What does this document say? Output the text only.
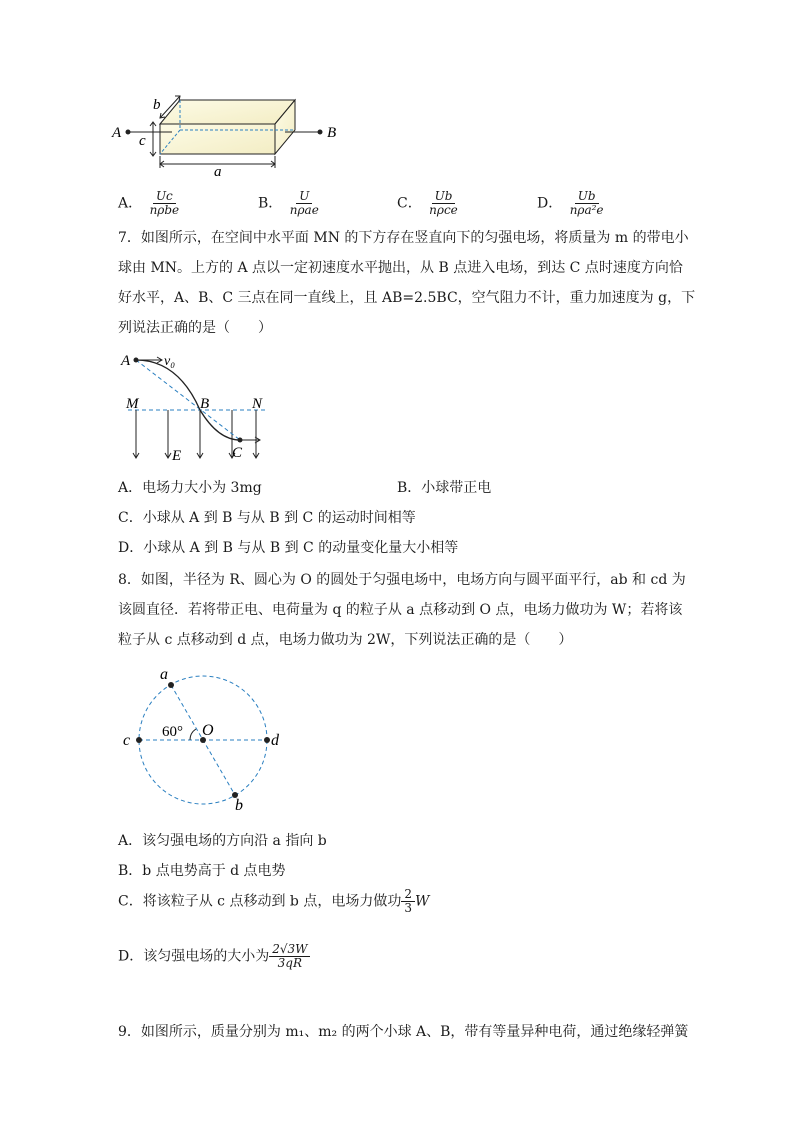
b
A c	B
a
A． $\frac{Uc}{\text{nρbe}}$	B． $\frac{U}{\text{nρae}}$	C． $\frac{Ub}{\text{nρce}}$	D． $\frac{Ub}{\text{nρa²e}}$
7．如图所示，在空间中水平面 MN 的下方存在竖直向下的匀强电场，将质量为 m 的带电小
球由 MN。上方的 A 点以一定初速度水平抛出，从 B 点进入电场，到达 C 点时速度方向恰
好水平，A、B、C 三点在同一直线上，且 AB=2.5BC，空气阻力不计，重力加速度为 g，下
列说法正确的是（　　）
A v₀
M	B	N
E	C
A．电场力大小为 3mg	B．小球带正电
C．小球从 A 到 B 与从 B 到 C 的运动时间相等
D．小球从 A 到 B 与从 B 到 C 的动量变化量大小相等
8．如图，半径为 R、圆心为 O 的圆处于匀强电场中，电场方向与圆平面平行，ab 和 cd 为
该圆直径．若将带正电、电荷量为 q 的粒子从 a 点移动到 O 点，电场力做功为 W；若将该
粒子从 c 点移动到 d 点，电场力做功为 2W，下列说法正确的是（　　）
a
c	d
O
b
60°
A．该匀强电场的方向沿 a 指向 b
B．b 点电势高于 d 点电势
C．将该粒子从 c 点移动到 b 点，电场力做功 $\frac{2}{3}$ W
D．该匀强电场的大小为 $\frac{2√3W}{3qR}$
9．如图所示，质量分别为 m₁、m₂ 的两个小球 A、B，带有等量异种电荷，通过绝缘轻弹簧
